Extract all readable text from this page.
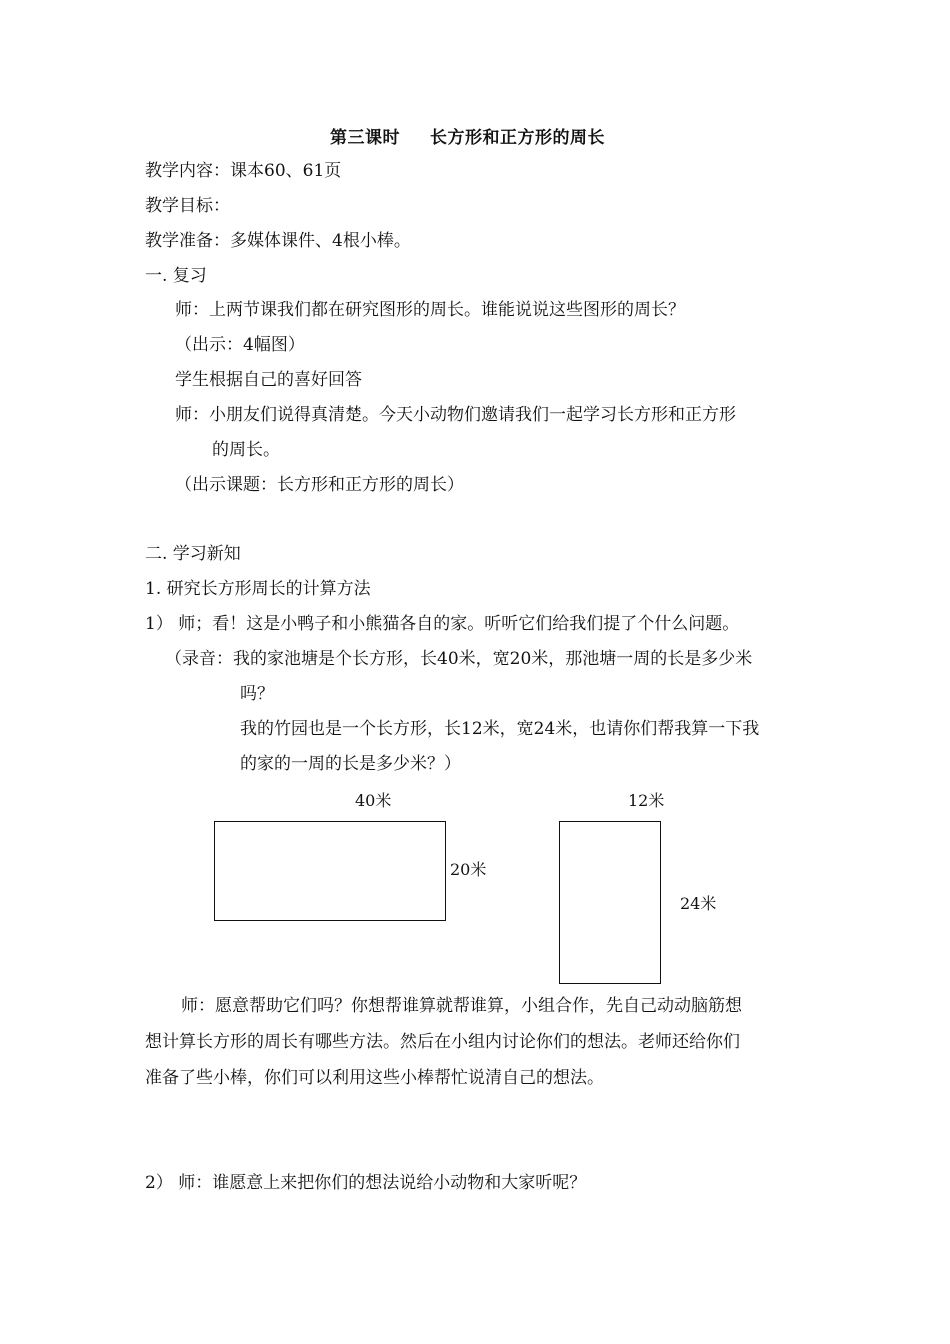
第三课时 长方形和正方形的周长
教学内容：课本60、61页
教学目标：
教学准备：多媒体课件、4根小棒。
一. 复习
师：上两节课我们都在研究图形的周长。谁能说说这些图形的周长？
（出示：4幅图）
学生根据自己的喜好回答
师：小朋友们说得真清楚。今天小动物们邀请我们一起学习长方形和正方形
的周长。
（出示课题：长方形和正方形的周长）
二. 学习新知
1. 研究长方形周长的计算方法
1） 师；看！这是小鸭子和小熊猫各自的家。听听它们给我们提了个什么问题。
（录音：我的家池塘是个长方形，长40米，宽20米，那池塘一周的长是多少米
吗？
我的竹园也是一个长方形，长12米，宽24米，也请你们帮我算一下我
的家的一周的长是多少米？）
40米
20米
12米
24米
师：愿意帮助它们吗？你想帮谁算就帮谁算，小组合作，先自己动动脑筋想
想计算长方形的周长有哪些方法。然后在小组内讨论你们的想法。老师还给你们
准备了些小棒，你们可以利用这些小棒帮忙说清自己的想法。
2） 师：谁愿意上来把你们的想法说给小动物和大家听呢？
